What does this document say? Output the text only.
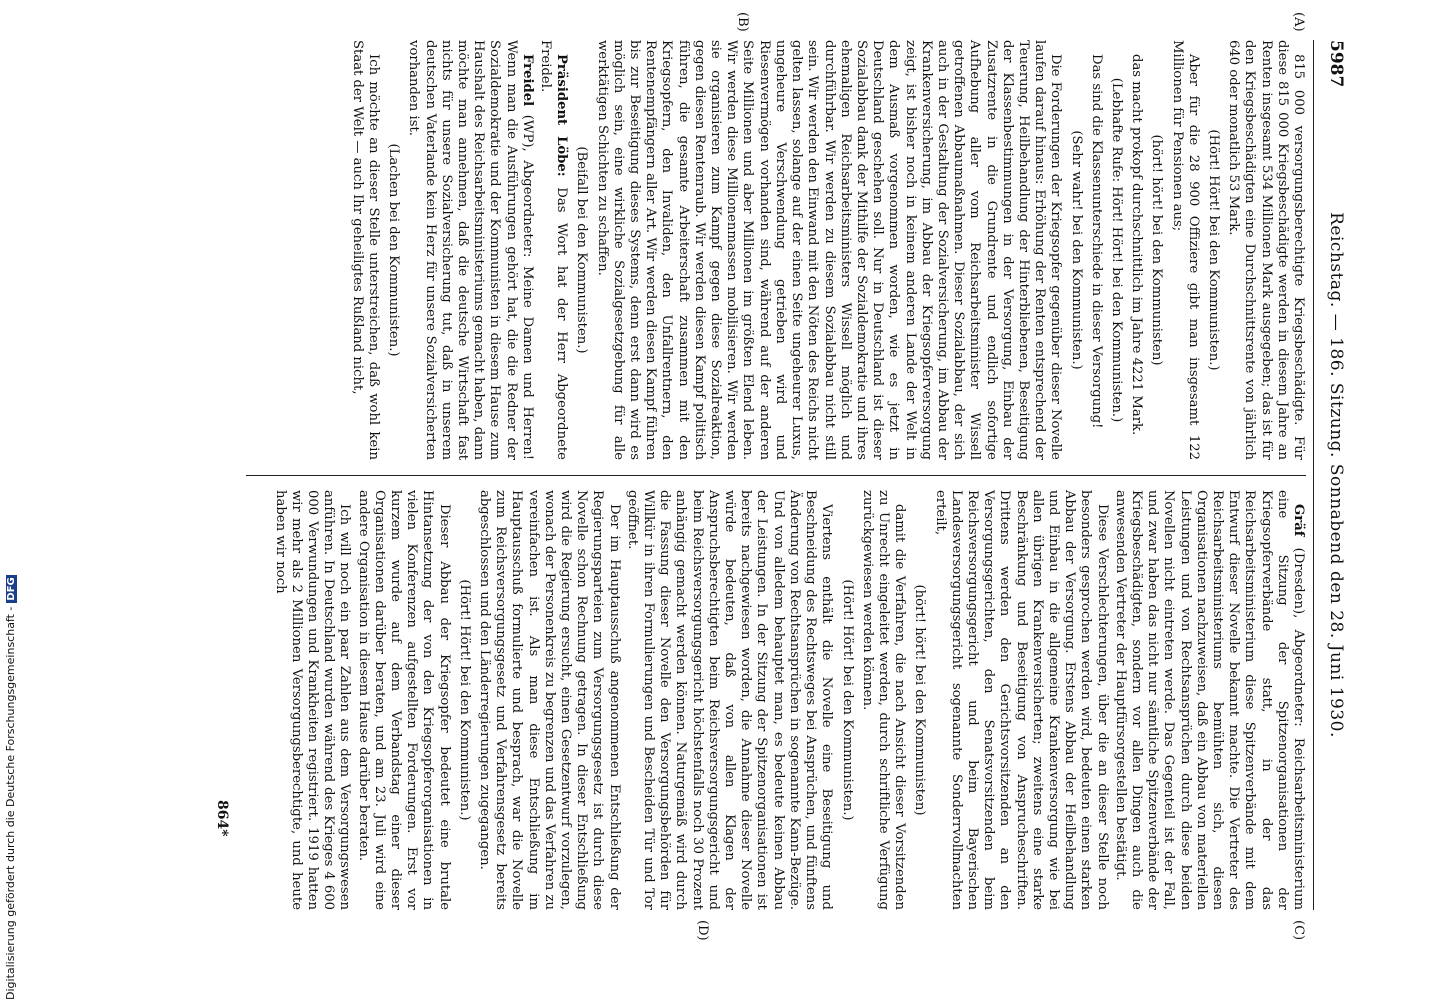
5987
Reichstag. — 186. Sitzung. Sonnabend den 28. Juni 1930.

815 000 versorgungsberechtigte Kriegsbeschädigte. Für diese 815 000 Kriegsbeschädigte werden in diesem Jahre an Renten insgesamt 534 Millionen Mark ausgegeben; das ist für den Kriegsbeschädigten eine Durchschnittsrente von jährlich 640 oder monatlich 53 Mark.

(Hört! Hört! bei den Kommunisten.)

Aber für die 28 900 Offiziere gibt man insgesamt 122 Millionen für Pensionen aus;

(hört! hört! bei den Kommunisten)

das macht prokopf durchschnittlich im Jahre 4221 Mark.

(Lebhafte Rufe: Hört! Hört! bei den Kommunisten.)

Das sind die Klassenunterschiede in dieser Versorgung!

(Sehr wahr! bei den Kommunisten.)

Die Forderungen der Kriegsopfer gegenüber dieser Novelle laufen darauf hinaus: Erhöhung der Renten entsprechend der Teuerung, Heilbehandlung der Hinterbliebenen, Beseitigung der Klassenbestimmungen in der Versorgung, Einbau der Zusatzrente in die Grundrente und endlich sofortige Aufhebung aller vom Reichsarbeitsminister Wissell getroffenen Abbaumaßnahmen. Dieser Sozialabbau, der sich auch in der Gestaltung der Sozialversicherung, im Abbau der Krankenversicherung, im Abbau der Kriegsopferversorgung zeigt, ist bisher noch in keinem anderen Lande der Welt in dem Ausmaß vorgenommen worden, wie es jetzt in Deutschland geschehen soll. Nur in Deutschland ist dieser Sozialabbau dank der Mithilfe der Sozialdemokratie und ihres ehemaligen Reichsarbeitsministers Wissell möglich und durchführbar. Wir werden zu diesem Sozialabbau nicht still sein. Wir werden den Einwand mit den Nöten des Reichs nicht gelten lassen, solange auf der einen Seite ungeheurer Luxus, ungeheure Verschwendung getrieben wird und Riesenvermögen vorhanden sind, während auf der anderen Seite Millionen und aber Millionen im größten Elend leben. Wir werden diese Millionenmassen mobilisieren. Wir werden sie organisieren zum Kampf gegen diese Sozialreaktion, gegen diesen Rentenraub. Wir werden diesen Kampf politisch führen, die gesamte Arbeiterschaft zusammen mit den Kriegsopfern, den Invaliden, den Unfallrentnern, den Rentenempfängern aller Art. Wir werden diesen Kampf führen bis zur Beseitigung dieses Systems, denn erst dann wird es möglich sein, eine wirkliche Sozialgesetzgebung für alle werktätigen Schichten zu schaffen.

(Beifall bei den Kommunisten.)

Präsident Löbe: Das Wort hat der Herr Abgeordnete Freidel.

Freidel (WP), Abgeordneter: Meine Damen und Herren! Wenn man die Ausführungen gehört hat, die die Redner der Sozialdemokratie und der Kommunisten in diesem Hause zum Haushalt des Reichsarbeitsministeriums gemacht haben, dann möchte man annehmen, daß die deutsche Wirtschaft fast nichts für unsere Sozialversicherung tut, daß in unserem deutschen Vaterlande kein Herz für unsere Sozialversicherten vorhanden ist.

(Lachen bei den Kommunisten.)

Ich möchte an dieser Stelle unterstreichen, daß wohl kein Staat der Welt — auch Ihr geheiligtes Rußland nicht,

Gräf (Dresden), Abgeordneter: Reichsarbeitsministerium eine Sitzung der Spitzenorganisationen der Kriegsopferverbände statt, in der das Reichsarbeitsministerium diese Spitzenverbände mit dem Entwurf dieser Novelle bekannt machte. Die Vertreter des Reichsarbeitsministeriums bemühten sich, diesen Organisationen nachzuweisen, daß ein Abbau von materiellen Leistungen und von Rechtsansprüchen durch diese beiden Novellen nicht eintreten werde. Das Gegenteil ist der Fall, und zwar haben das nicht nur sämtliche Spitzenverbände der Kriegsbeschädigten, sondern vor allen Dingen auch die anwesenden Vertreter der Hauptfürsorgestellen bestätigt.

Diese Verschlechterungen, über die an dieser Stelle noch besonders gesprochen werden wird, bedeuten einen starken Abbau der Versorgung. Erstens Abbau der Heilbehandlung und Einbau in die allgemeine Krankenversorgung wie bei allen übrigen Krankenversicherten; zweitens eine starke Beschränkung und Beseitigung von Ansprucheschriften. Drittens werden den Gerichtsvorsitzenden an den Versorgungsgerichten, den Senatsvorsitzenden beim Reichsversorgungsgericht und beim Bayerischen Landesversorgungsgericht sogenannte Sonderrvollmachten erteilt,

(hört! hört! bei den Kommunisten)

damit die Verfahren, die nach Ansicht dieser Vorsitzenden zu Unrecht eingeleitet werden, durch schriftliche Verfügung zurückgewiesen werden können.

(Hört! Hört! bei den Kommunisten.)

Viertens enthält die Novelle eine Beseitigung und Beschneidung des Rechtsweges bei Ansprüchen, und fünftens Änderung von Rechtsansprüchen in sogenannte Kann-Bezüge. Und von alledem behauptet man, es bedeute keinen Abbau der Leistungen. In der Sitzung der Spitzenorganisationen ist bereits nachgewiesen worden, die Annahme dieser Novelle würde bedeuten, daß von allen Klagen der Anspruchsberechtigten beim Reichsversorgungsgericht und beim Reichsversorgungsgericht höchstenfalls noch 30 Prozent anhängig gemacht werden können. Naturgemäß wird durch die Fassung dieser Novelle den Versorgungsbehörden für Willkür in ihren Formulierungen und Bescheiden Tür und Tor geöffnet.

Der im Hauptausschuß angenommenen Entschließung der Regierungsparteien zum Versorgungsgesetz ist durch diese Novelle schon Rechnung getragen. In dieser Entschließung wird die Regierung ersucht, einen Gesetzentwurf vorzulegen, wonach der Personenkreis zu begrenzen und das Verfahren zu vereinfachen ist. Als man diese Entschließung im Hauptausschuß formulierte und besprach, war die Novelle zum Reichsversorgungsgesetz und Verfahrensgesetz bereits abgeschlossen und den Länderregierungen zugegangen.

(Hört! Hört! bei den Kommunisten.)

Dieser Abbau der Kriegsopfer bedeutet eine brutale Hintansetzung der von den Kriegsopferorganisationen in vielen Konferenzen aufgestellten Forderungen. Erst vor kurzem wurde auf dem Verbandstag einer dieser Organisationen darüber beraten, und am 23. Juli wird eine andere Organisation in diesem Hause darüber beraten.

Ich will noch ein paar Zahlen aus dem Versorgungswesen anführen. In Deutschland wurden während des Krieges 4 600 000 Verwundungen und Krankheiten registriert. 1919 hatten wir mehr als 2 Millionen Versorgungsberechtigte, und heute haben wir noch

(C)
(D)
(A)
(B)
864*
Digitalisierung gefördert durch die Deutsche Forschungsgemeinschaft -DFG
